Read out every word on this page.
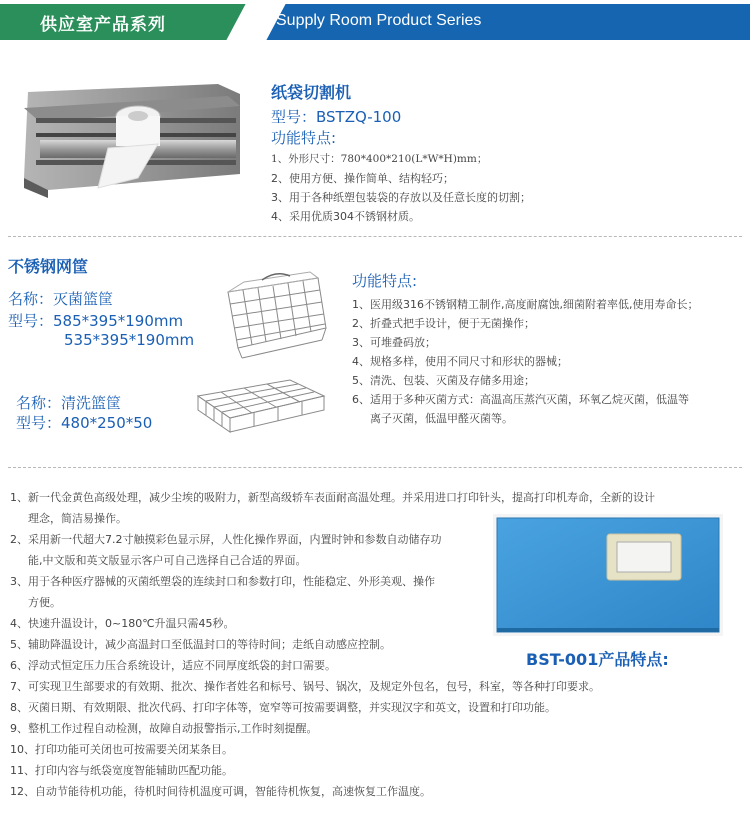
供应室产品系列	Supply Room Product Series
纸袋切割机
型号：BSTZQ-100
功能特点:
1、外形尺寸：780*400*210(L*W*H)mm；
2、使用方便、操作简单、结构轻巧；
3、用于各种纸塑包装袋的存放以及任意长度的切割；
4、采用优质304不锈钢材质。
不锈钢网筐
名称：灭菌篮筐
型号：585*395*190mm
535*395*190mm
名称：清洗篮筐
型号：480*250*50
功能特点:
1、医用级316不锈钢精工制作,高度耐腐蚀,细菌附着率低,使用寿命长；
2、折叠式把手设计，便于无菌操作；
3、可堆叠码放；
4、规格多样，使用不同尺寸和形状的器械；
5、清洗、包装、灭菌及存储多用途；
6、适用于多种灭菌方式：高温高压蒸汽灭菌，环氧乙烷灭菌，低温等
离子灭菌，低温甲醛灭菌等。
1、新一代金黄色高级处理，减少尘埃的吸附力，新型高级轿车表面耐高温处理。并采用进口打印针头，提高打印机寿命，全新的设计
理念，简洁易操作。
2、采用新一代超大7.2寸触摸彩色显示屏，人性化操作界面，内置时钟和参数自动储存功
能,中文版和英文版显示客户可自己选择自己合适的界面。
3、用于各种医疗器械的灭菌纸塑袋的连续封口和参数打印，性能稳定、外形美观、操作
方便。
4、快速升温设计，0~180℃升温只需45秒。
5、辅助降温设计，减少高温封口至低温封口的等待时间；走纸自动感应控制。
6、浮动式恒定压力压合系统设计，适应不同厚度纸袋的封口需要。
7、可实现卫生部要求的有效期、批次、操作者姓名和标号、锅号、锅次，及规定外包名，包号，科室，等各种打印要求。
8、灭菌日期、有效期限、批次代码、打印字体等，宽窄等可按需要调整，并实现汉字和英文，设置和打印功能。
9、整机工作过程自动检测，故障自动报警指示,工作时刻提醒。
10、打印功能可关闭也可按需要关闭某条目。
11、打印内容与纸袋宽度智能辅助匹配功能。
12、自动节能待机功能，待机时间待机温度可调，智能待机恢复，高速恢复工作温度。
BST-001产品特点:
